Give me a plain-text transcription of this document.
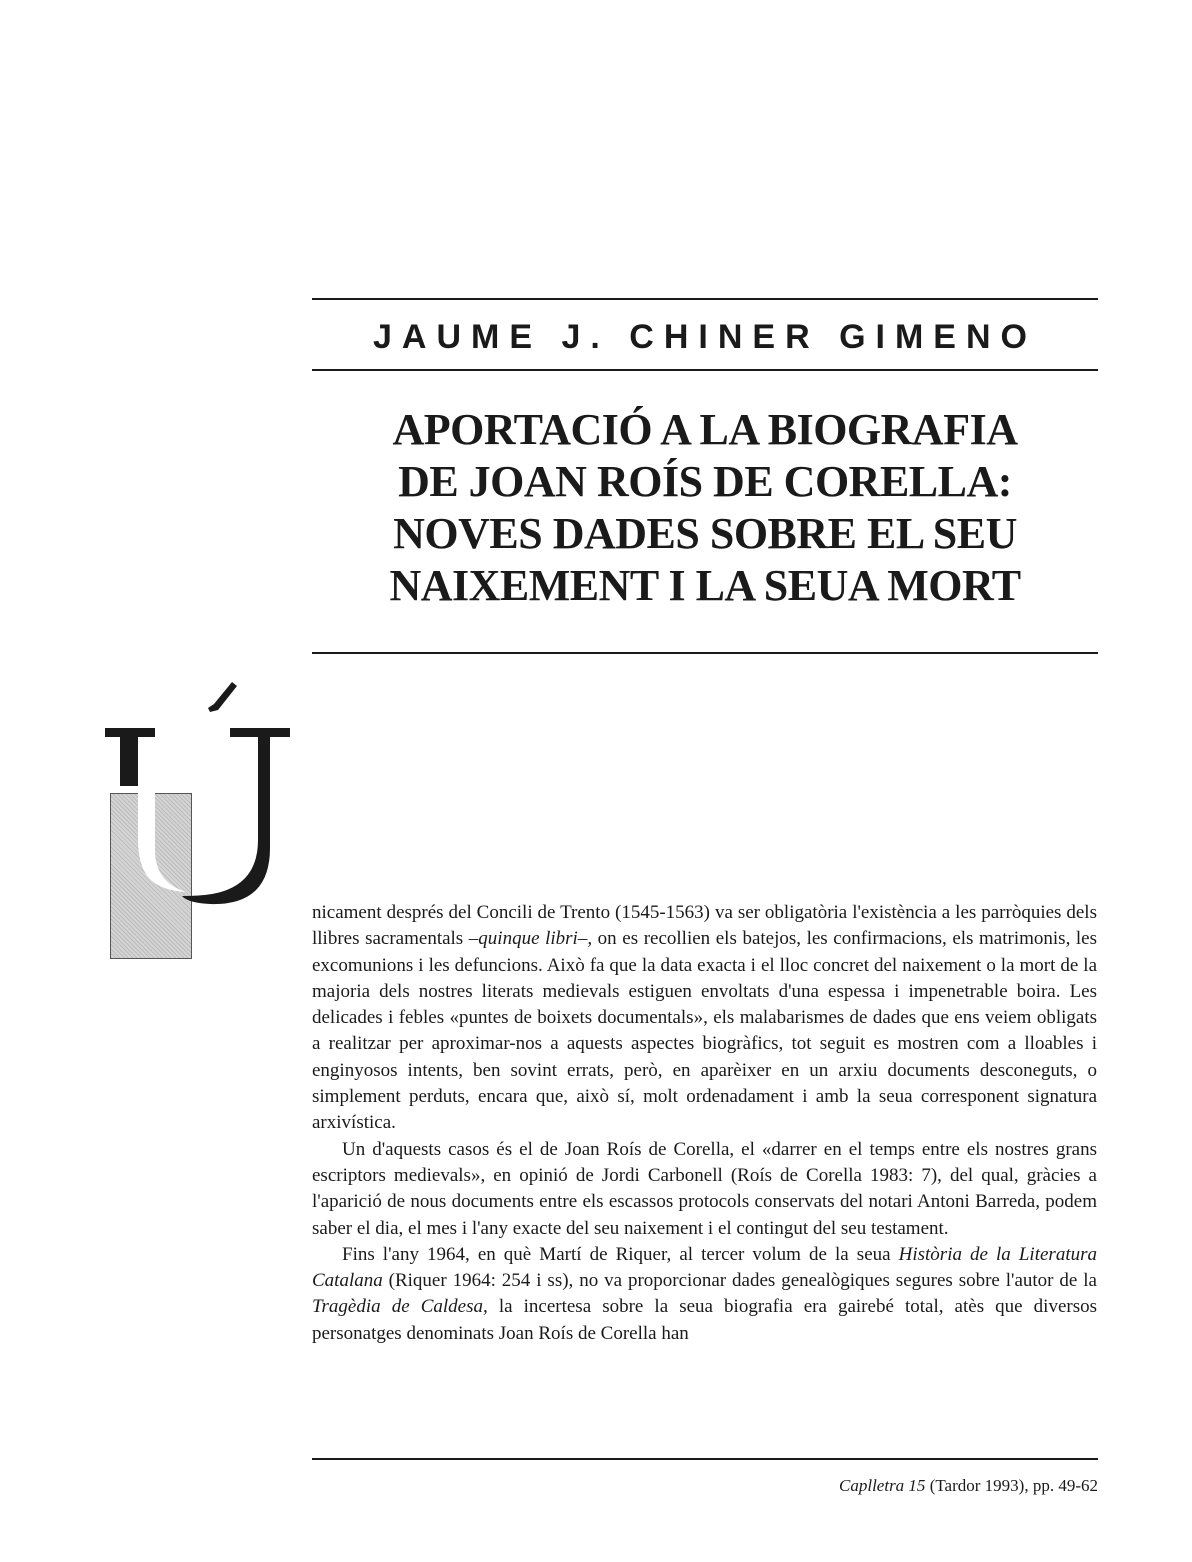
JAUME J. CHINER GIMENO
APORTACIÓ A LA BIOGRAFIA
DE JOAN ROÍS DE CORELLA:
NOVES DADES SOBRE EL SEU
NAIXEMENT I LA SEUA MORT

nicament després del Concili de Trento (1545-1563) va ser obligatòria l'existència a les parròquies dels llibres sacramentals –quinque libri–, on es recollien els batejos, les confirmacions, els matrimonis, les excomunions i les defuncions. Això fa que la data exacta i el lloc concret del naixement o la mort de la majoria dels nostres literats medievals estiguen envoltats d'una espessa i impenetrable boira. Les delicades i febles «puntes de boixets documentals», els malabarismes de dades que ens veiem obligats a realitzar per aproximar-nos a aquests aspectes biogràfics, tot seguit es mostren com a lloables i enginyosos intents, ben sovint errats, però, en aparèixer en un arxiu documents desconeguts, o simplement perduts, encara que, això sí, molt ordenadament i amb la seua corresponent signatura arxivística.

Un d'aquests casos és el de Joan Roís de Corella, el «darrer en el temps entre els nostres grans escriptors medievals», en opinió de Jordi Carbonell (Roís de Corella 1983: 7), del qual, gràcies a l'aparició de nous documents entre els escassos protocols conservats del notari Antoni Barreda, podem saber el dia, el mes i l'any exacte del seu naixement i el contingut del seu testament.

Fins l'any 1964, en què Martí de Riquer, al tercer volum de la seua Història de la Literatura Catalana (Riquer 1964: 254 i ss), no va proporcionar dades genealògiques segures sobre l'autor de la Tragèdia de Caldesa, la incertesa sobre la seua biografia era gairebé total, atès que diversos personatges denominats Joan Roís de Corella han

Caplletra 15 (Tardor 1993), pp. 49-62
